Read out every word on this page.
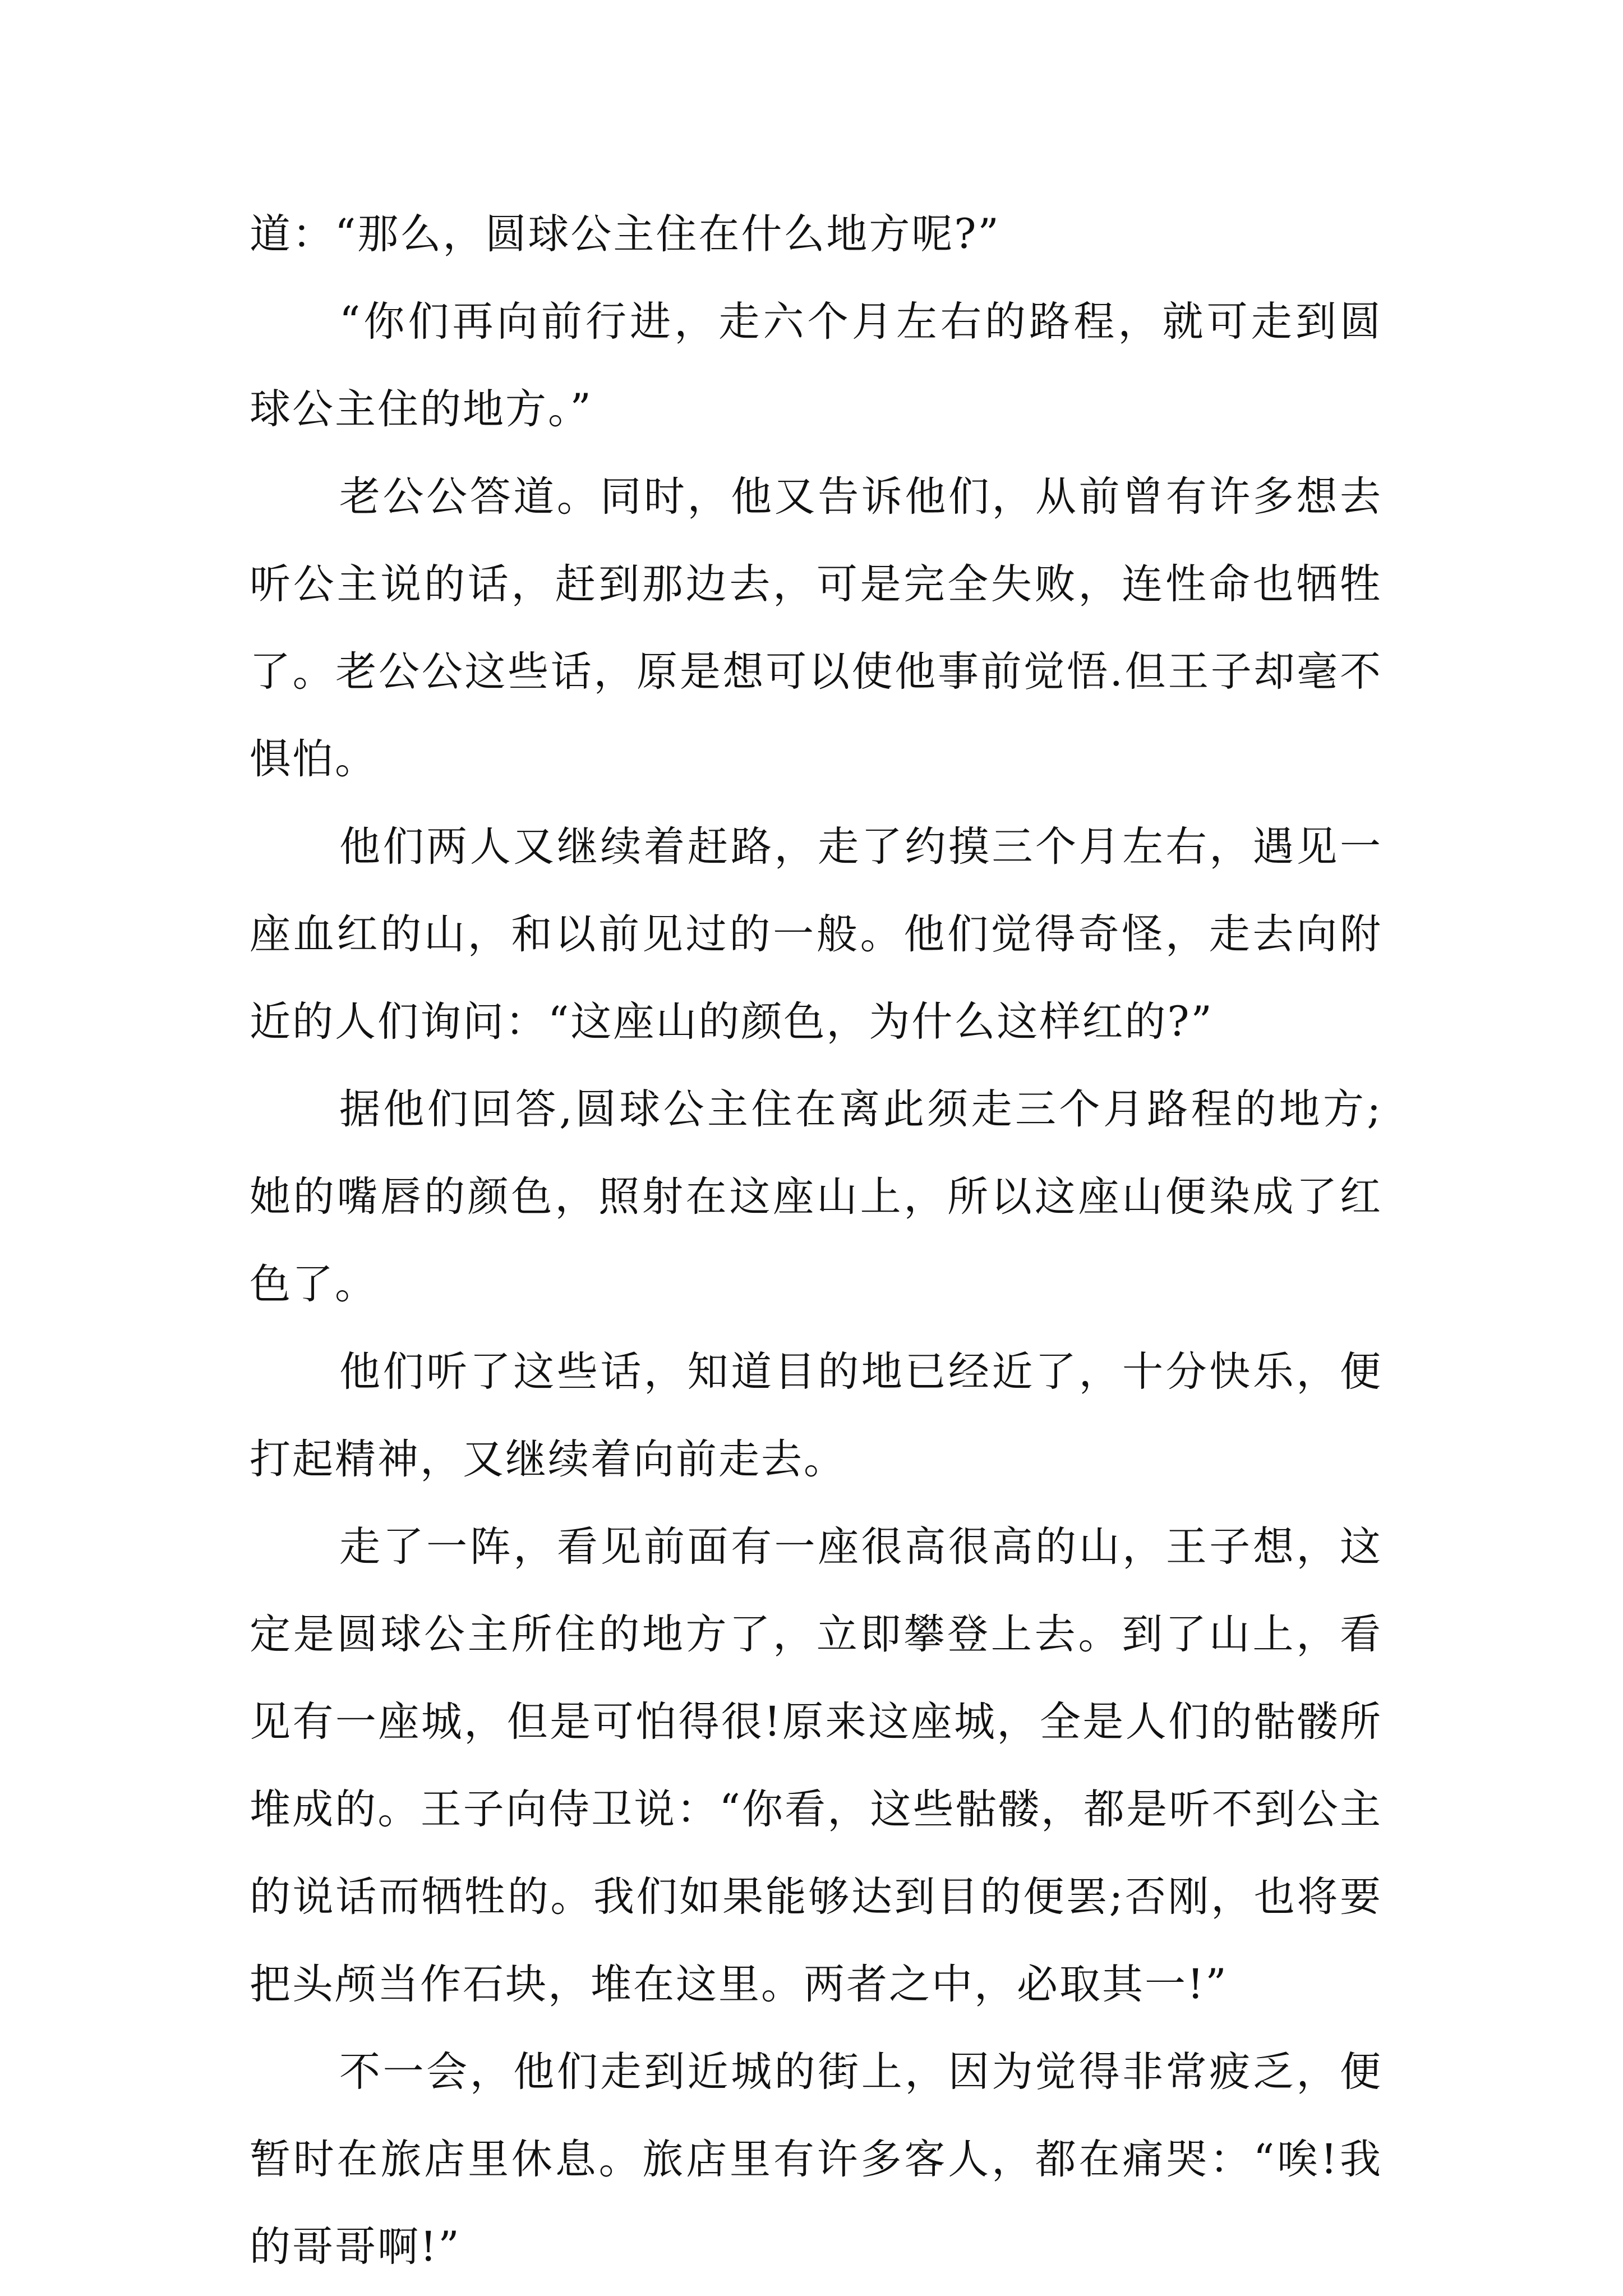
道：“那么，圆球公主住在什么地方呢?”

“你们再向前行进，走六个月左右的路程，就可走到圆球公主住的地方。”

老公公答道。同时，他又告诉他们，从前曾有许多想去听公主说的话，赶到那边去，可是完全失败，连性命也牺牲了。老公公这些话，原是想可以使他事前觉悟.但王子却毫不惧怕。

他们两人又继续着赶路，走了约摸三个月左右，遇见一座血红的山，和以前见过的一般。他们觉得奇怪，走去向附近的人们询问：“这座山的颜色，为什么这样红的?”

据他们回答,圆球公主住在离此须走三个月路程的地方;她的嘴唇的颜色，照射在这座山上，所以这座山便染成了红色了。

他们听了这些话，知道目的地已经近了，十分快乐，便打起精神，又继续着向前走去。

走了一阵，看见前面有一座很高很高的山，王子想，这定是圆球公主所住的地方了，立即攀登上去。到了山上，看见有一座城，但是可怕得很!原来这座城，全是人们的骷髅所堆成的。王子向侍卫说：“你看，这些骷髅，都是听不到公主的说话而牺牲的。我们如果能够达到目的便罢;否刚，也将要把头颅当作石块，堆在这里。两者之中，必取其一!”

不一会，他们走到近城的街上，因为觉得非常疲乏，便暂时在旅店里休息。旅店里有许多客人，都在痛哭：“唉!我的哥哥啊!”
